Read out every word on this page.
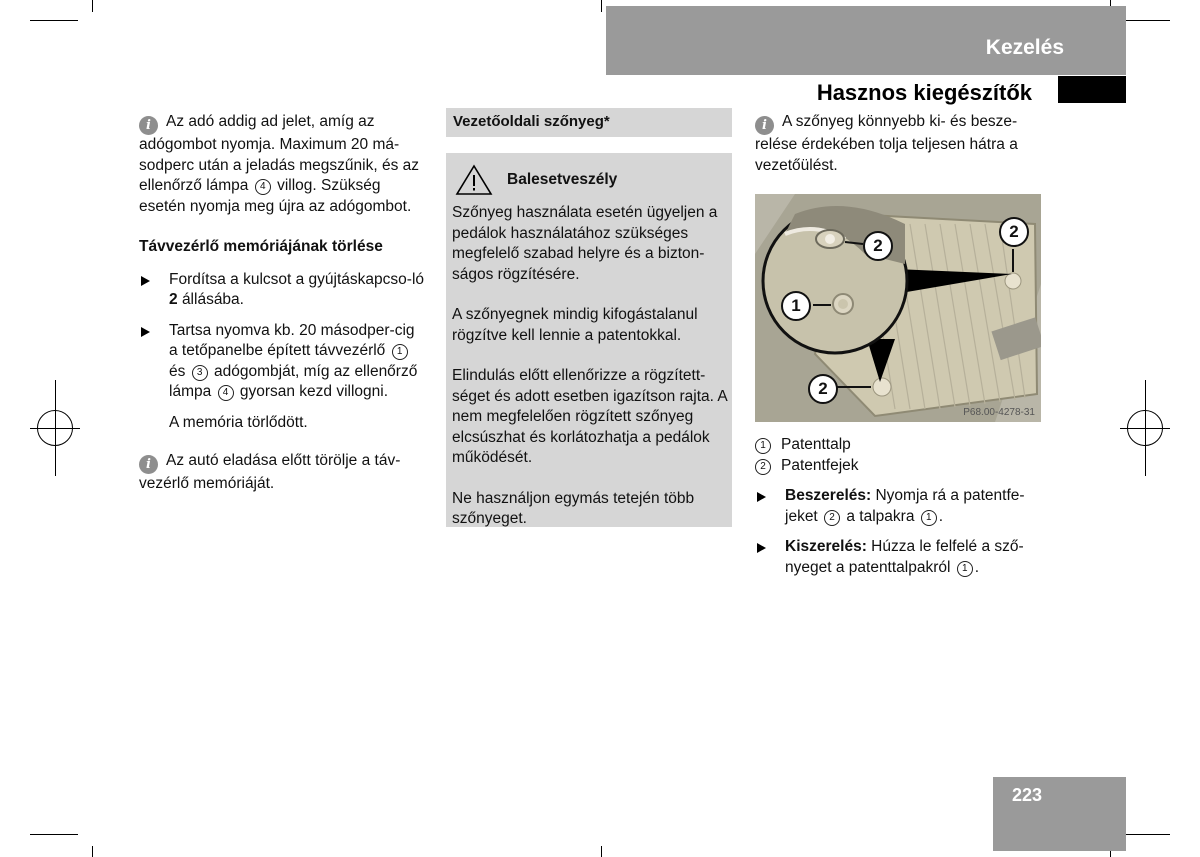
Kezelés
Hasznos kiegészítők

i Az adó addig ad jelet, amíg az adógombot nyomja. Maximum 20 má-sodperc után a jeladás megszűnik, és az ellenőrző lámpa 4 villog. Szükség esetén nyomja meg újra az adógombot.

Távvezérlő memóriájának törlése

Fordítsa a kulcsot a gyújtáskapcso-ló 2 állásába.
Tartsa nyomva kb. 20 másodper-cig a tetőpanelbe épített távvezérlő 1 és 3 adógombját, míg az ellenőrző lámpa 4 gyorsan kezd villogni.

A memória törlődött.

i Az autó eladása előtt törölje a táv-vezérlő memóriáját.

Vezetőoldali szőnyeg*
Balesetveszély

Szőnyeg használata esetén ügyeljen a pedálok használatához szükséges megfelelő szabad helyre és a bizton-ságos rögzítésére.

A szőnyegnek mindig kifogástalanul rögzítve kell lennie a patentokkal.

Elindulás előtt ellenőrizze a rögzített-séget és adott esetben igazítson rajta. A nem megfelelően rögzített szőnyeg elcsúszhat és korlátozhatja a pedálok működését.

Ne használjon egymás tetején több szőnyeget.

i A szőnyeg könnyebb ki- és besze-relése érdekében tolja teljesen hátra a vezetőülést.

2
1
2
2
P68.00-4278-31

1 Patenttalp

2 Patentfejek

Beszerelés: Nyomja rá a patentfe-jeket 2 a talpakra 1 .
Kiszerelés: Húzza le felfelé a sző-nyeget a patenttalpakról 1 .
223
